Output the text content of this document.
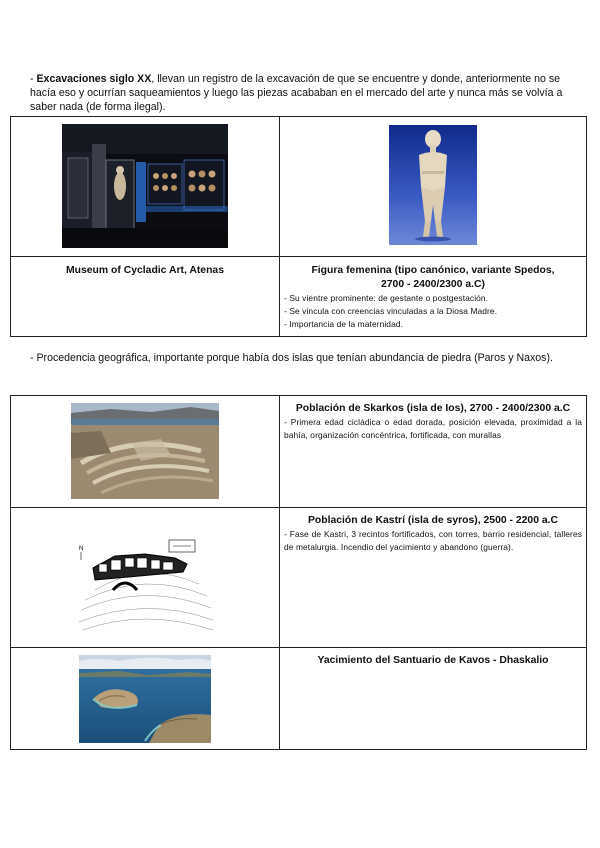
- Excavaciones siglo XX, llevan un registro de la excavación de que se encuentre y donde, anteriormente no se hacía eso y ocurrían saqueamientos y luego las piezas acababan en el mercado del arte y nunca más se volvía a saber nada (de forma ilegal).

Museum of Cycladic Art, Atenas	Figura femenina (tipo canónico, variante Spedos,
2700 - 2400/2300 a.C)
- Su vientre prominente: de gestante o postgestación.
- Se vincula con creencias vinculadas a la Diosa Madre.
- Importancia de la maternidad.
- Procedencia geográfica, importante porque había dos islas que tenían abundancia de piedra (Paros y Naxos).

Población de Skarkos (isla de Ios), 2700 - 2400/2300 a.C
- Primera edad cicládica o edad dorada, posición elevada, proximidad a la bahía, organización concéntrica, fortificada, con murallas

N	Población de Kastrí (isla de syros), 2500 - 2200 a.C
- Fase de Kastri, 3 recintos fortificados, con torres, barrio residencial, talleres de metalurgia. Incendio del yacimiento y abandono (guerra).

Yacimiento del Santuario de Kavos - Dhaskalio
